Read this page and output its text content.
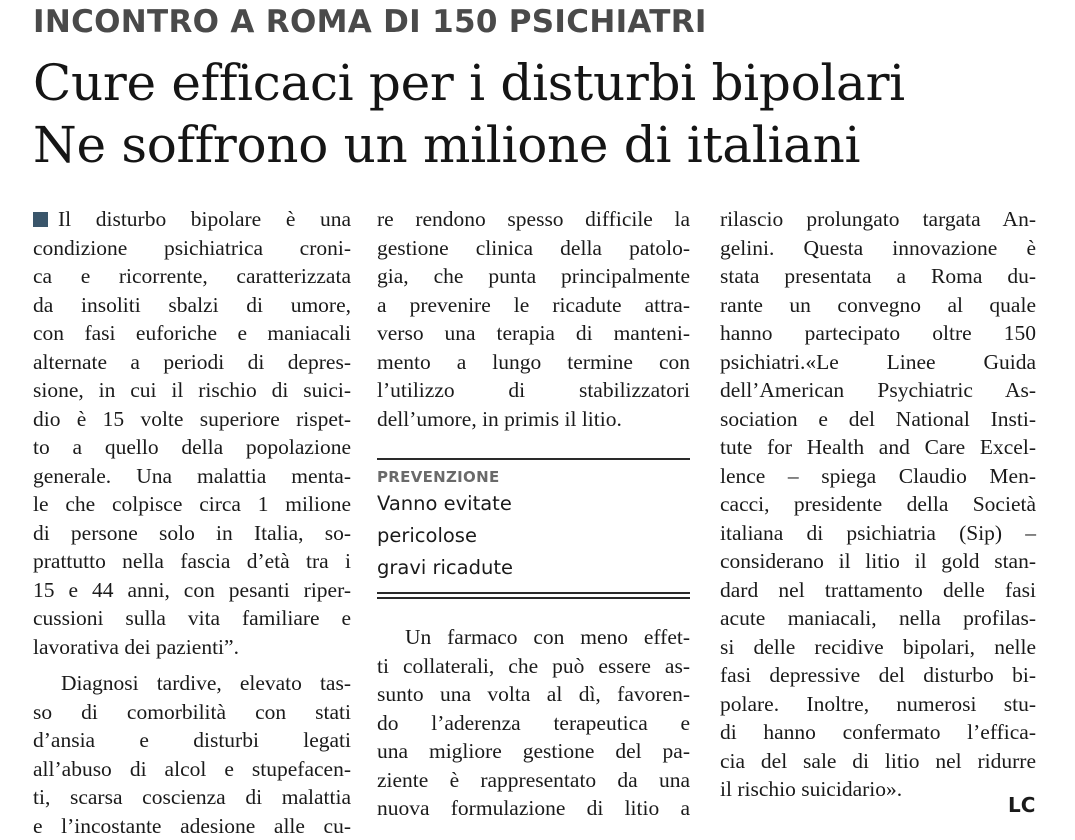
INCONTRO A ROMA DI 150 PSICHIATRI
Cure efficaci per i disturbi bipolari
Ne soffrono un milione di italiani
Il disturbo bipolare è una
condizione psichiatrica croni-
ca e ricorrente, caratterizzata
da insoliti sbalzi di umore,
con fasi euforiche e maniacali
alternate a periodi di depres-
sione, in cui il rischio di suici-
dio è 15 volte superiore rispet-
to a quello della popolazione
generale. Una malattia menta-
le che colpisce circa 1 milione
di persone solo in Italia, so-
prattutto nella fascia d’età tra i
15 e 44 anni, con pesanti riper-
cussioni sulla vita familiare e
lavorativa dei pazienti”.
Diagnosi tardive, elevato tas-
so di comorbilità con stati
d’ansia e disturbi legati
all’abuso di alcol e stupefacen-
ti, scarsa coscienza di malattia
e l’incostante adesione alle cu-
re rendono spesso difficile la
gestione clinica della patolo-
gia, che punta principalmente
a prevenire le ricadute attra-
verso una terapia di manteni-
mento a lungo termine con
l’utilizzo di stabilizzatori
dell’umore, in primis il litio.
PREVENZIONE
Vanno evitate
pericolose
gravi ricadute
Un farmaco con meno effet-
ti collaterali, che può essere as-
sunto una volta al dì, favoren-
do l’aderenza terapeutica e
una migliore gestione del pa-
ziente è rappresentato da una
nuova formulazione di litio a
rilascio prolungato targata An-
gelini. Questa innovazione è
stata presentata a Roma du-
rante un convegno al quale
hanno partecipato oltre 150
psichiatri.«Le Linee Guida
dell’American Psychiatric As-
sociation e del National Insti-
tute for Health and Care Excel-
lence – spiega Claudio Men-
cacci, presidente della Società
italiana di psichiatria (Sip) –
considerano il litio il gold stan-
dard nel trattamento delle fasi
acute maniacali, nella profilas-
si delle recidive bipolari, nelle
fasi depressive del disturbo bi-
polare. Inoltre, numerosi stu-
di hanno confermato l’effica-
cia del sale di litio nel ridurre
il rischio suicidario».
LC
